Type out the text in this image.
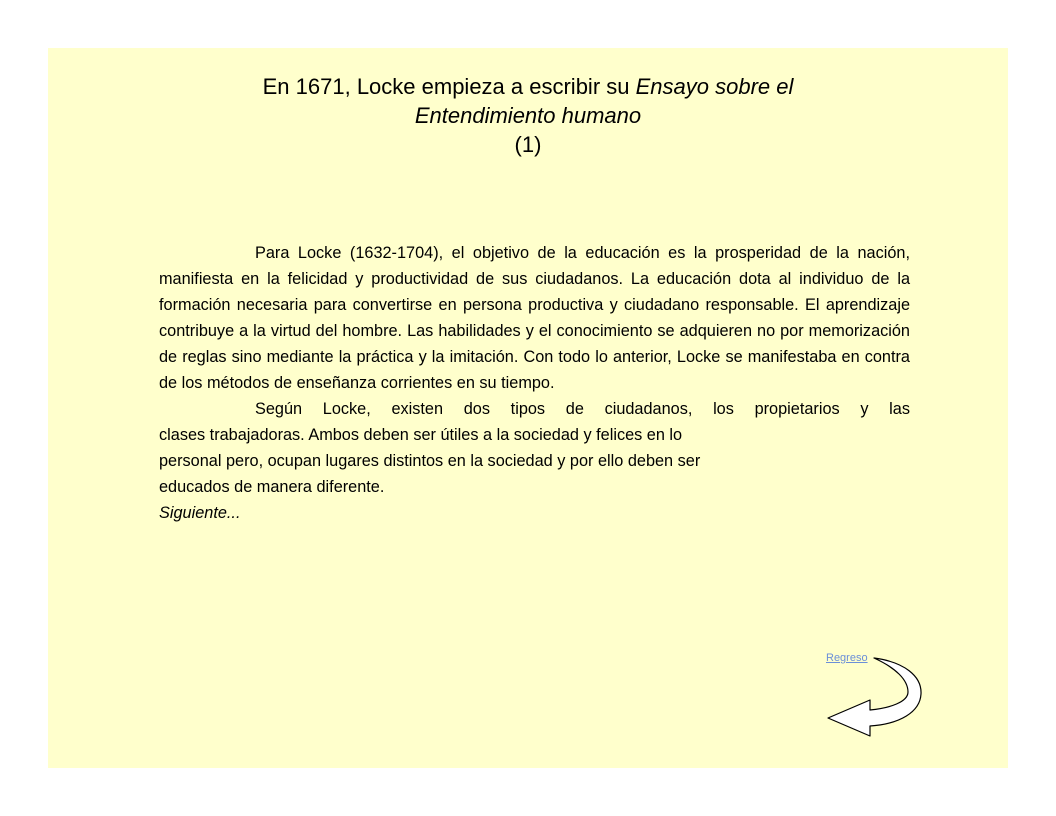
En 1671, Locke empieza a escribir su Ensayo sobre el
Entendimiento humano
(1)

Para Locke (1632-1704), el objetivo de la educación es la prosperidad de la nación, manifiesta en la felicidad y productividad de sus ciudadanos. La educación dota al individuo de la formación necesaria para convertirse en persona productiva y ciudadano responsable. El aprendizaje contribuye a la virtud del hombre. Las habilidades y el conocimiento se adquieren no por memorización de reglas sino mediante la práctica y la imitación. Con todo lo anterior, Locke se manifestaba en contra de los métodos de enseñanza corrientes en su tiempo.

Según Locke, existen dos tipos de ciudadanos, los propietarios y las
clases trabajadoras. Ambos deben ser útiles a la sociedad y felices en lo
personal pero, ocupan lugares distintos en la sociedad y por ello deben ser
educados de manera diferente.

Siguiente...
Regreso
